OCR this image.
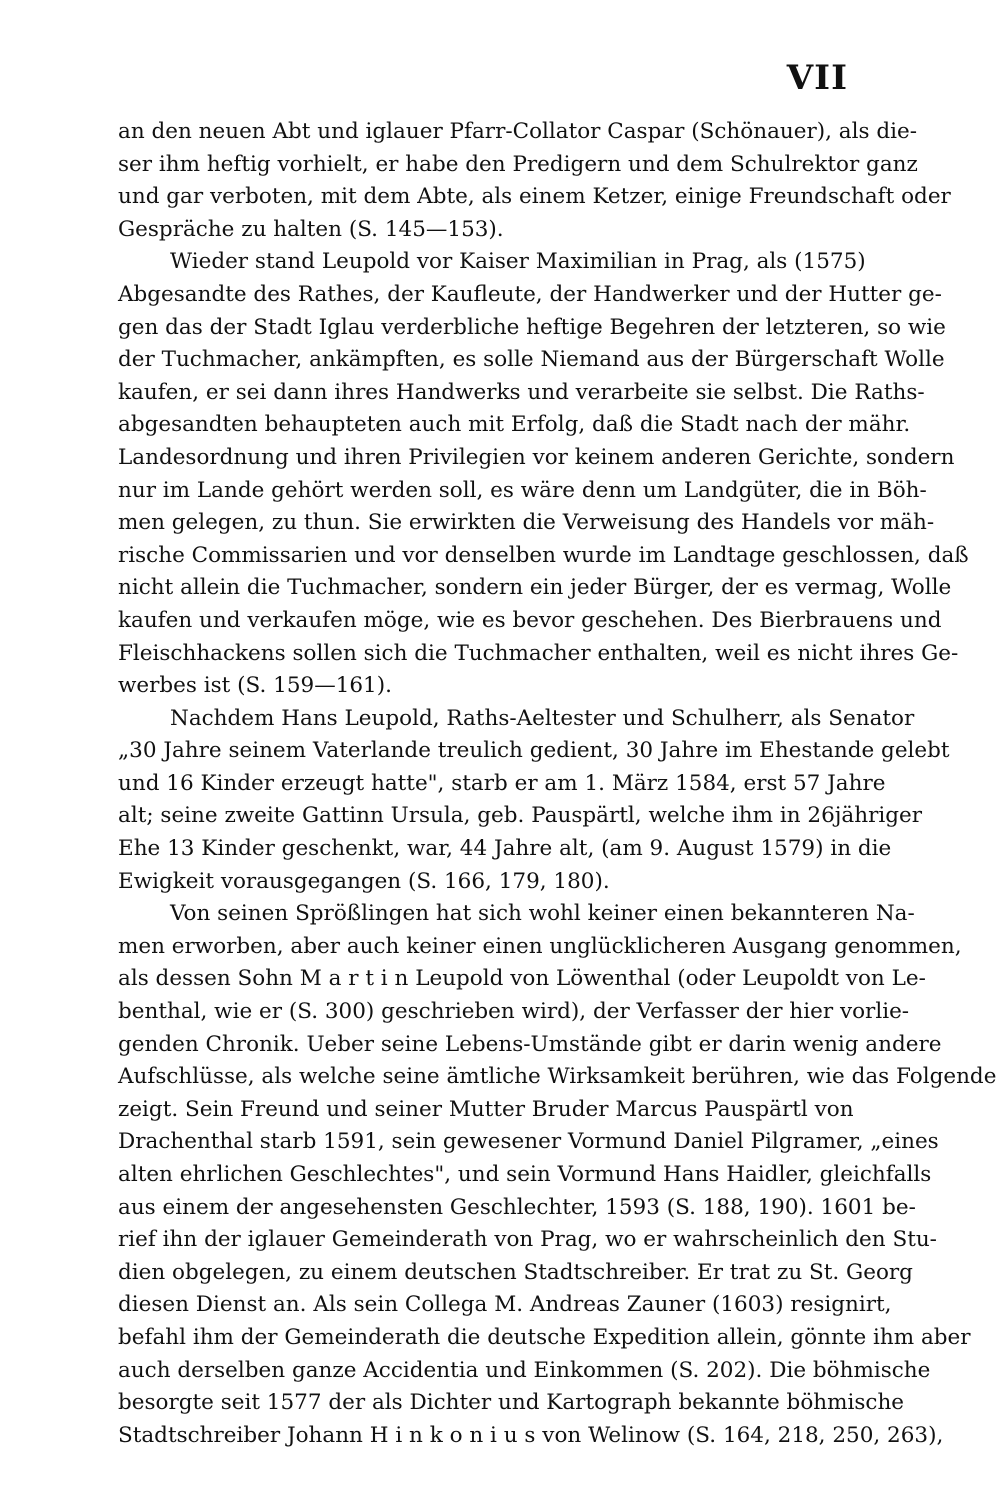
VII
an den neuen Abt und iglauer Pfarr-Collator Caspar (Schönauer), als die-
ser ihm heftig vorhielt, er habe den Predigern und dem Schulrektor ganz
und gar verboten, mit dem Abte, als einem Ketzer, einige Freundschaft oder
Gespräche zu halten (S. 145—153).
Wieder stand Leupold vor Kaiser Maximilian in Prag, als (1575)
Abgesandte des Rathes, der Kaufleute, der Handwerker und der Hutter ge-
gen das der Stadt Iglau verderbliche heftige Begehren der letzteren, so wie
der Tuchmacher, ankämpften, es solle Niemand aus der Bürgerschaft Wolle
kaufen, er sei dann ihres Handwerks und verarbeite sie selbst. Die Raths-
abgesandten behaupteten auch mit Erfolg, daß die Stadt nach der mähr.
Landesordnung und ihren Privilegien vor keinem anderen Gerichte, sondern
nur im Lande gehört werden soll, es wäre denn um Landgüter, die in Böh-
men gelegen, zu thun. Sie erwirkten die Verweisung des Handels vor mäh-
rische Commissarien und vor denselben wurde im Landtage geschlossen, daß
nicht allein die Tuchmacher, sondern ein jeder Bürger, der es vermag, Wolle
kaufen und verkaufen möge, wie es bevor geschehen. Des Bierbrauens und
Fleischhackens sollen sich die Tuchmacher enthalten, weil es nicht ihres Ge-
werbes ist (S. 159—161).
Nachdem Hans Leupold, Raths-Aeltester und Schulherr, als Senator
„30 Jahre seinem Vaterlande treulich gedient, 30 Jahre im Ehestande gelebt
und 16 Kinder erzeugt hatte", starb er am 1. März 1584, erst 57 Jahre
alt; seine zweite Gattinn Ursula, geb. Pauspärtl, welche ihm in 26jähriger
Ehe 13 Kinder geschenkt, war, 44 Jahre alt, (am 9. August 1579) in die
Ewigkeit vorausgegangen (S. 166, 179, 180).
Von seinen Sprößlingen hat sich wohl keiner einen bekannteren Na-
men erworben, aber auch keiner einen unglücklicheren Ausgang genommen,
als dessen Sohn M a r t i n Leupold von Löwenthal (oder Leupoldt von Le-
benthal, wie er (S. 300) geschrieben wird), der Verfasser der hier vorlie-
genden Chronik. Ueber seine Lebens-Umstände gibt er darin wenig andere
Aufschlüsse, als welche seine ämtliche Wirksamkeit berühren, wie das Folgende
zeigt. Sein Freund und seiner Mutter Bruder Marcus Pauspärtl von
Drachenthal starb 1591, sein gewesener Vormund Daniel Pilgramer, „eines
alten ehrlichen Geschlechtes", und sein Vormund Hans Haidler, gleichfalls
aus einem der angesehensten Geschlechter, 1593 (S. 188, 190). 1601 be-
rief ihn der iglauer Gemeinderath von Prag, wo er wahrscheinlich den Stu-
dien obgelegen, zu einem deutschen Stadtschreiber. Er trat zu St. Georg
diesen Dienst an. Als sein Collega M. Andreas Zauner (1603) resignirt,
befahl ihm der Gemeinderath die deutsche Expedition allein, gönnte ihm aber
auch derselben ganze Accidentia und Einkommen (S. 202). Die böhmische
besorgte seit 1577 der als Dichter und Kartograph bekannte böhmische
Stadtschreiber Johann H i n k o n i u s von Welinow (S. 164, 218, 250, 263),
